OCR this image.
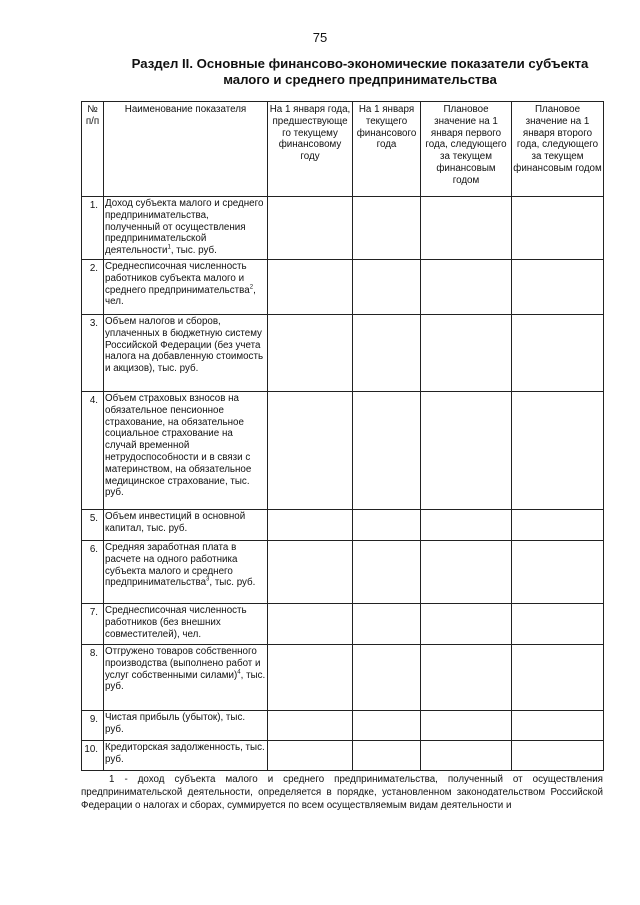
75
Раздел II. Основные финансово-экономические показатели субъекта
малого и среднего предпринимательства
№ п/п	Наименование показателя	На 1 января года, предшествующе го текущему финансовому году	На 1 января текущего финансового года	Плановое значение на 1 января первого года, следующего за текущем финансовым годом	Плановое значение на 1 января второго года, следующего за текущем финансовым годом
1.	Доход субъекта малого и среднего предпринимательства, полученный от осуществления предпринимательской деятельности$^1$, тыс. руб.				
2.	Среднесписочная численность работников субъекта малого и среднего предпринимательства$^2$, чел.				
3.	Объем налогов и сборов, уплаченных в бюджетную систему Российской Федерации (без учета налога на добавленную стоимость и акцизов), тыс. руб.				
4.	Объем страховых взносов на обязательное пенсионное страхование, на обязательное социальное страхование на случай временной нетрудоспособности и в связи с материнством, на обязательное медицинское страхование, тыс. руб.				
5.	Объем инвестиций в основной капитал, тыс. руб.				
6.	Средняя заработная плата в расчете на одного работника субъекта малого и среднего предпринимательства$^3$, тыс. руб.				
7.	Среднесписочная численность работников (без внешних совместителей), чел.				
8.	Отгружено товаров собственного производства (выполнено работ и услуг собственными силами)$^4$, тыс. руб.				
9.	Чистая прибыль (убыток), тыс. руб.				
10.	Кредиторская задолженность, тыс. руб.				
1 - доход субъекта малого и среднего предпринимательства, полученный от осуществления предпринимательской деятельности, определяется в порядке, установленном законодательством Российской Федерации о налогах и сборах, суммируется по всем осуществляемым видам деятельности и
